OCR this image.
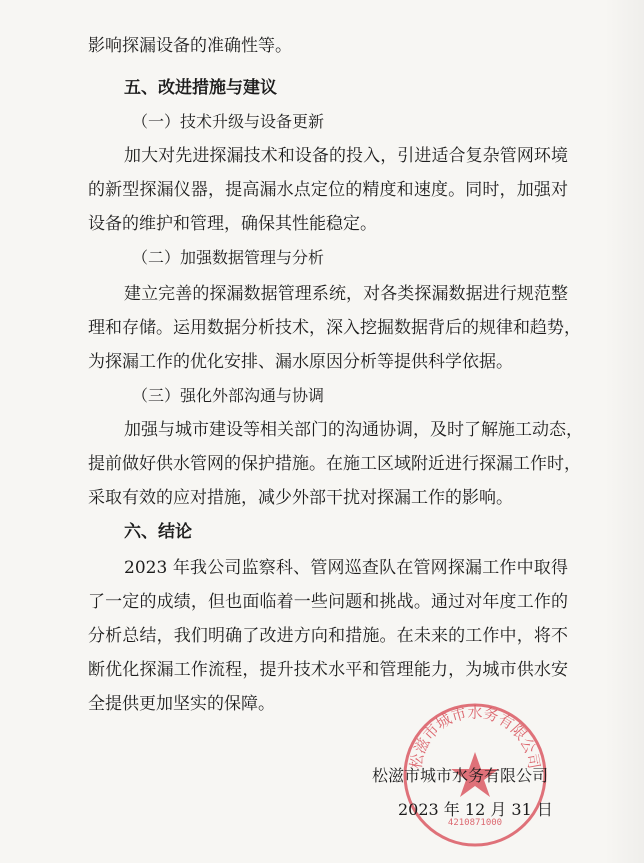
影响探漏设备的准确性等。
五、改进措施与建议
（一）技术升级与设备更新
加大对先进探漏技术和设备的投入，引进适合复杂管网环境
的新型探漏仪器，提高漏水点定位的精度和速度。同时，加强对
设备的维护和管理，确保其性能稳定。
（二）加强数据管理与分析
建立完善的探漏数据管理系统，对各类探漏数据进行规范整
理和存储。运用数据分析技术，深入挖掘数据背后的规律和趋势，
为探漏工作的优化安排、漏水原因分析等提供科学依据。
（三）强化外部沟通与协调
加强与城市建设等相关部门的沟通协调，及时了解施工动态，
提前做好供水管网的保护措施。在施工区域附近进行探漏工作时，
采取有效的应对措施，减少外部干扰对探漏工作的影响。
六、结论
2023 年我公司监察科、管网巡查队在管网探漏工作中取得
了一定的成绩，但也面临着一些问题和挑战。通过对年度工作的
分析总结，我们明确了改进方向和措施。在未来的工作中，将不
断优化探漏工作流程，提升技术水平和管理能力，为城市供水安
全提供更加坚实的保障。
松滋市城市水务有限公司
4210871000
松滋市城市水务有限公司
2023 年 12 月 31 日
